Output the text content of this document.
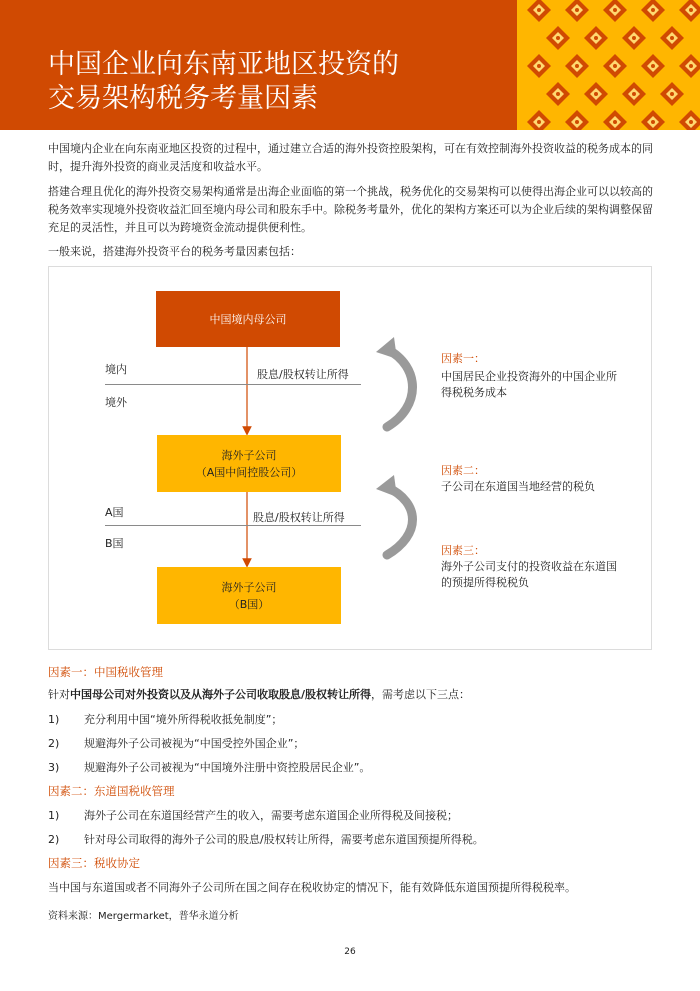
中国企业向东南亚地区投资的
交易架构税务考量因素

中国境内企业在向东南亚地区投资的过程中，通过建立合适的海外投资控股架构，可在有效控制海外投资收益的税务成本的同时，提升海外投资的商业灵活度和收益水平。

搭建合理且优化的海外投资交易架构通常是出海企业面临的第一个挑战，税务优化的交易架构可以使得出海企业可以以较高的税务效率实现境外投资收益汇回至境内母公司和股东手中。除税务考量外，优化的架构方案还可以为企业后续的架构调整保留充足的灵活性，并且可以为跨境资金流动提供便利性。

一般来说，搭建海外投资平台的税务考量因素包括：

中国境内母公司
海外子公司
（A国中间控股公司）
海外子公司
（B国）
境内
境外
A国
B国
股息/股权转让所得
股息/股权转让所得
因素一：
中国居民企业投资海外的中国企业所得税税务成本
因素二：
子公司在东道国当地经营的税负
因素三：
海外子公司支付的投资收益在东道国的预提所得税税负
因素一：中国税收管理
针对中国母公司对外投资以及从海外子公司收取股息/股权转让所得，需考虑以下三点：
1) 充分利用中国“境外所得税收抵免制度”；
2) 规避海外子公司被视为“中国受控外国企业”；
3) 规避海外子公司被视为“中国境外注册中资控股居民企业”。
因素二：东道国税收管理
1) 海外子公司在东道国经营产生的收入，需要考虑东道国企业所得税及间接税；
2) 针对母公司取得的海外子公司的股息/股权转让所得，需要考虑东道国预提所得税。
因素三：税收协定
当中国与东道国或者不同海外子公司所在国之间存在税收协定的情况下，能有效降低东道国预提所得税税率。
资料来源：Mergermarket，普华永道分析
26
